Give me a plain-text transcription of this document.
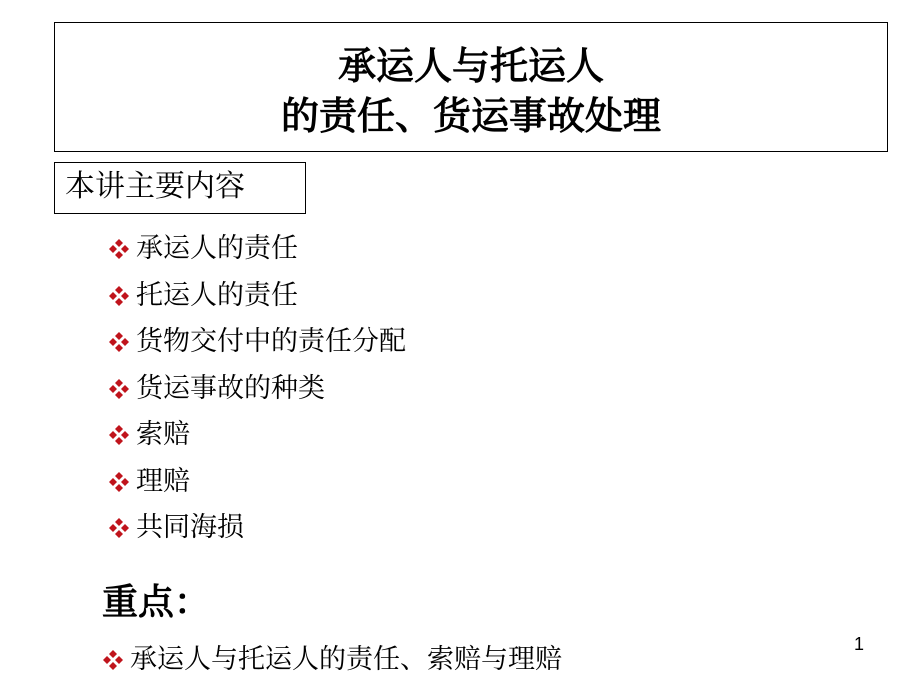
承运人与托运人
的责任、货运事故处理
本讲主要内容
承运人的责任
托运人的责任
货物交付中的责任分配
货运事故的种类
索赔
理赔
共同海损
重点：
承运人与托运人的责任、索赔与理赔	1
